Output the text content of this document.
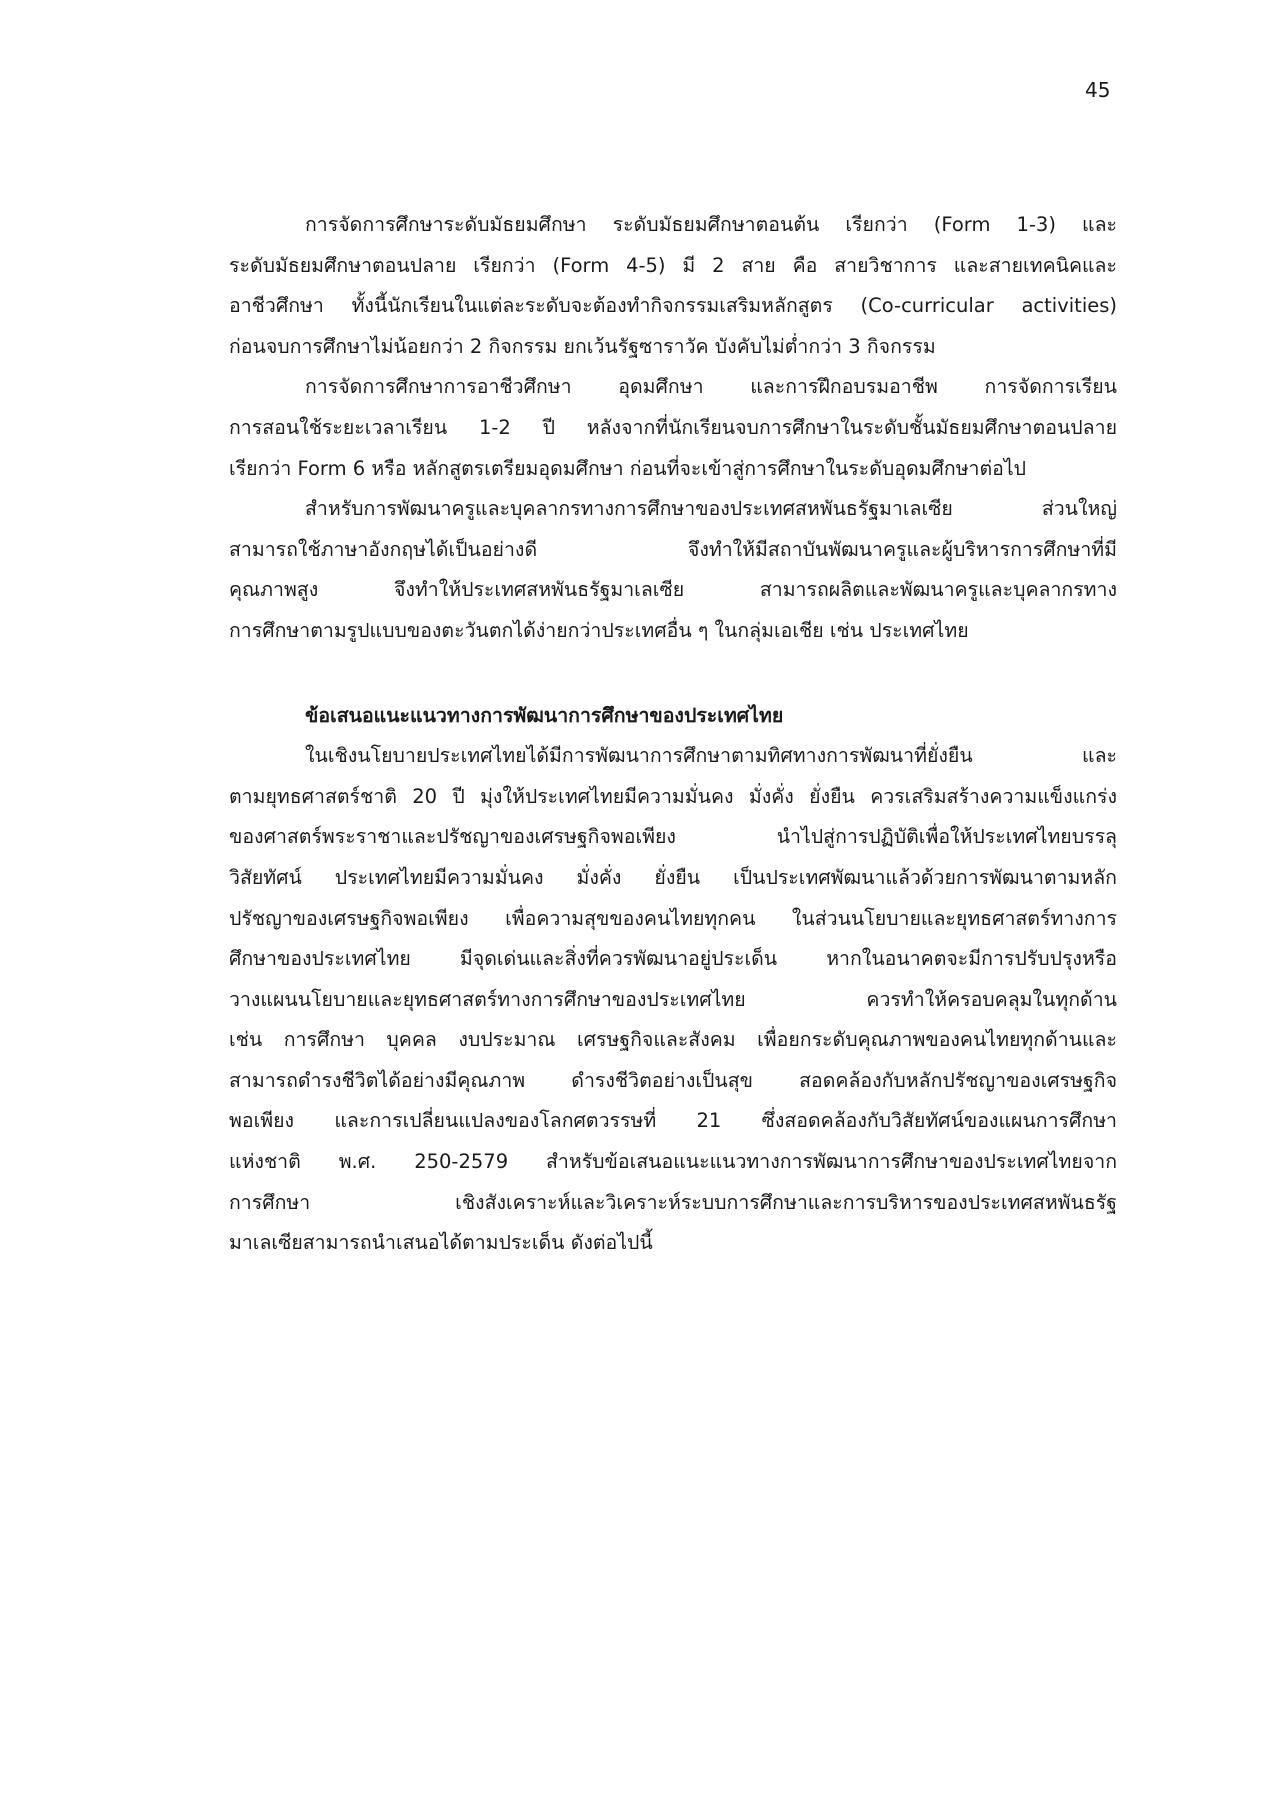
45
การจัดการศึกษาระดับมัธยมศึกษา ระดับมัธยมศึกษาตอนต้น เรียกว่า (Form 1-3) และ
ระดับมัธยมศึกษาตอนปลาย เรียกว่า (Form 4-5) มี 2 สาย คือ สายวิชาการ และสายเทคนิคและ
อาชีวศึกษา ทั้งนี้นักเรียนในแต่ละระดับจะต้องทำกิจกรรมเสริมหลักสูตร (Co-curricular activities)
ก่อนจบการศึกษาไม่น้อยกว่า 2 กิจกรรม ยกเว้นรัฐซาราวัค บังคับไม่ต่ำกว่า 3 กิจกรรม
การจัดการศึกษาการอาชีวศึกษา อุดมศึกษา และการฝึกอบรมอาชีพ การจัดการเรียน
การสอนใช้ระยะเวลาเรียน 1-2 ปี หลังจากที่นักเรียนจบการศึกษาในระดับชั้นมัธยมศึกษาตอนปลาย
เรียกว่า Form 6 หรือ หลักสูตรเตรียมอุดมศึกษา ก่อนที่จะเข้าสู่การศึกษาในระดับอุดมศึกษาต่อไป
สำหรับการพัฒนาครูและบุคลากรทางการศึกษาของประเทศสหพันธรัฐมาเลเซีย ส่วนใหญ่
สามารถใช้ภาษาอังกฤษได้เป็นอย่างดี จึงทำให้มีสถาบันพัฒนาครูและผู้บริหารการศึกษาที่มี
คุณภาพสูง จึงทำให้ประเทศสหพันธรัฐมาเลเซีย สามารถผลิตและพัฒนาครูและบุคลากรทาง
การศึกษาตามรูปแบบของตะวันตกได้ง่ายกว่าประเทศอื่น ๆ ในกลุ่มเอเชีย เช่น ประเทศไทย
ข้อเสนอแนะแนวทางการพัฒนาการศึกษาของประเทศไทย
ในเชิงนโยบายประเทศไทยได้มีการพัฒนาการศึกษาตามทิศทางการพัฒนาที่ยั่งยืน และ
ตามยุทธศาสตร์ชาติ 20 ปี มุ่งให้ประเทศไทยมีความมั่นคง มั่งคั่ง ยั่งยืน ควรเสริมสร้างความแข็งแกร่ง
ของศาสตร์พระราชาและปรัชญาของเศรษฐกิจพอเพียง นำไปสู่การปฏิบัติเพื่อให้ประเทศไทยบรรลุ
วิสัยทัศน์ ประเทศไทยมีความมั่นคง มั่งคั่ง ยั่งยืน เป็นประเทศพัฒนาแล้วด้วยการพัฒนาตามหลัก
ปรัชญาของเศรษฐกิจพอเพียง เพื่อความสุขของคนไทยทุกคน ในส่วนนโยบายและยุทธศาสตร์ทางการ
ศึกษาของประเทศไทย มีจุดเด่นและสิ่งที่ควรพัฒนาอยู่ประเด็น หากในอนาคตจะมีการปรับปรุงหรือ
วางแผนนโยบายและยุทธศาสตร์ทางการศึกษาของประเทศไทย ควรทำให้ครอบคลุมในทุกด้าน
เช่น การศึกษา บุคคล งบประมาณ เศรษฐกิจและสังคม เพื่อยกระดับคุณภาพของคนไทยทุกด้านและ
สามารถดำรงชีวิตได้อย่างมีคุณภาพ ดำรงชีวิตอย่างเป็นสุข สอดคล้องกับหลักปรัชญาของเศรษฐกิจ
พอเพียง และการเปลี่ยนแปลงของโลกศตวรรษที่ 21 ซึ่งสอดคล้องกับวิสัยทัศน์ของแผนการศึกษา
แห่งชาติ พ.ศ. 250-2579 สำหรับข้อเสนอแนะแนวทางการพัฒนาการศึกษาของประเทศไทยจาก
การศึกษา เชิงสังเคราะห์และวิเคราะห์ระบบการศึกษาและการบริหารของประเทศสหพันธรัฐ
มาเลเซียสามารถนำเสนอได้ตามประเด็น ดังต่อไปนี้
